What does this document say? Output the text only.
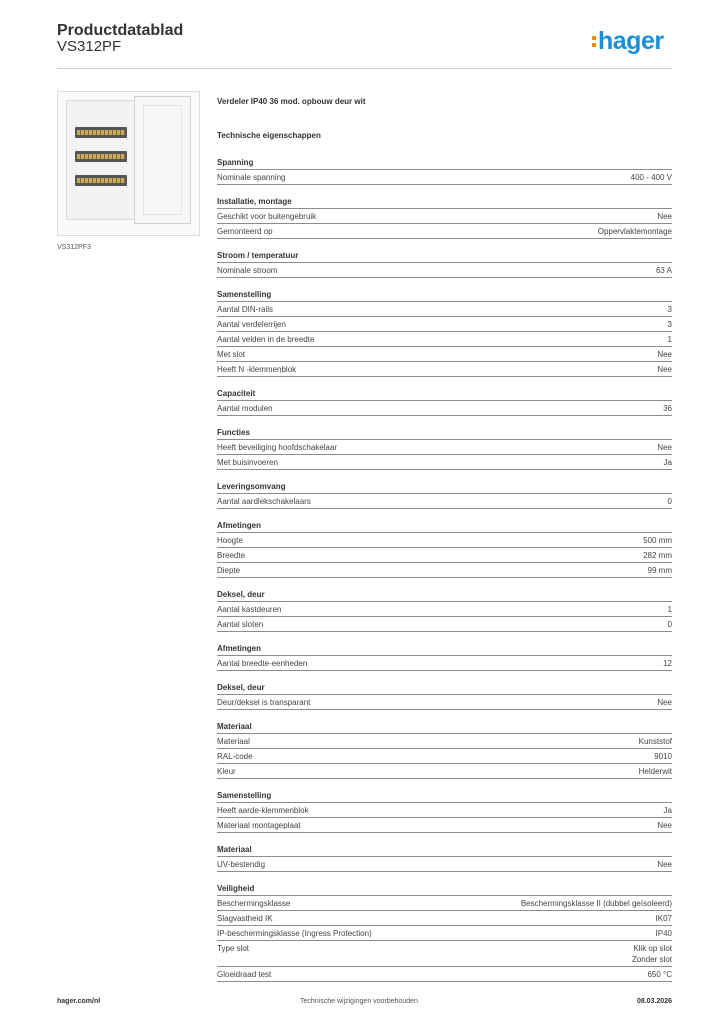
Productdatablad
VS312PF	hager
VS312PF3
Verdeler IP40 36 mod. opbouw deur wit
Technische eigenschappen
Spanning
Nominale spanning	400 - 400 V
Installatie, montage
Geschikt voor buitengebruik	Nee
Gemonteerd op	Oppervlaktemontage
Stroom / temperatuur
Nominale stroom	63 A
Samenstelling
Aantal DIN-rails	3
Aantal verdelerrijen	3
Aantal velden in de breedte	1
Met slot	Nee
Heeft N -klemmenblok	Nee
Capaciteit
Aantal modulen	36
Functies
Heeft beveiliging hoofdschakelaar	Nee
Met buisinvoeren	Ja
Leveringsomvang
Aantal aardlekschakelaars	0
Afmetingen
Hoogte	500 mm
Breedte	282 mm
Diepte	99 mm
Deksel, deur
Aantal kastdeuren	1
Aantal sloten	0
Afmetingen
Aantal breedte-eenheden	12
Deksel, deur
Deur/deksel is transparant	Nee
Materiaal
Materiaal	Kunststof
RAL-code	9010
Kleur	Helderwit
Samenstelling
Heeft aarde-klemmenblok	Ja
Materiaal montageplaat	Nee
Materiaal
UV-bestendig	Nee
Veiligheid
Beschermingsklasse	Beschermingsklasse II (dubbel geïsoleerd)
Slagvastheid IK	IK07
IP-beschermingsklasse (Ingress Protection)	IP40
Type slot	Klik op slot
Zonder slot
Gloeidraad test	650 °C
hager.com/nl	Technische wijzigingen voorbehouden	08.03.2026
